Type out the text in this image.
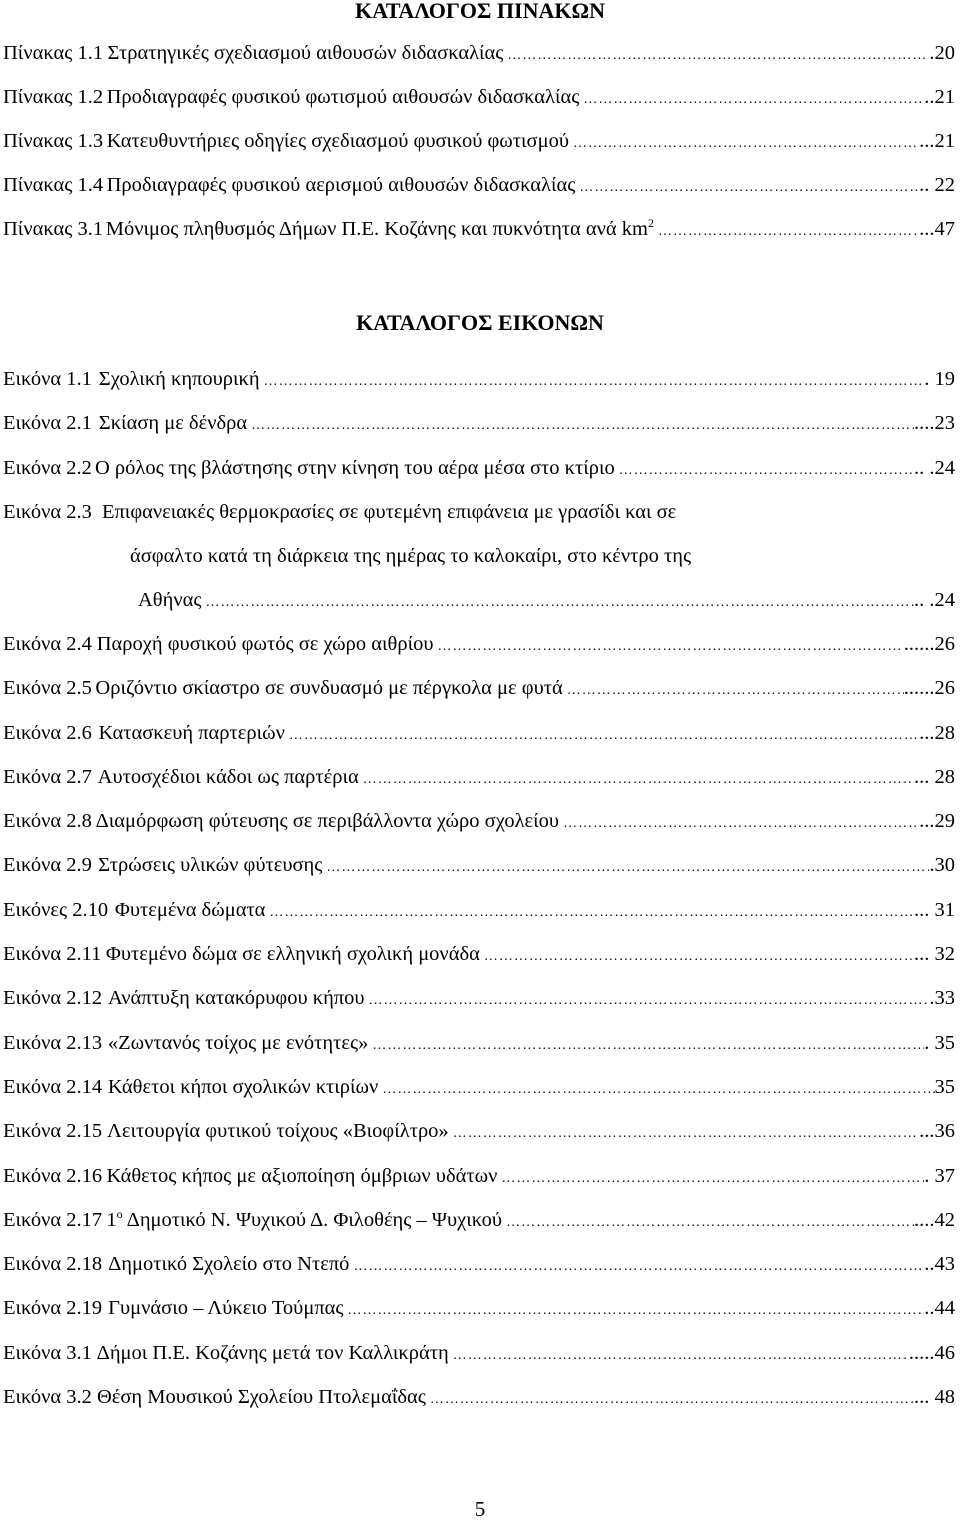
ΚΑΤΑΛΟΓΟΣ ΠΙΝΑΚΩΝ
Πίνακας 1.1 Στρατηγικές σχεδιασμού αιθουσών διδασκαλίας …………………………………………………………………………………………………………………………………………………………………………	.20
Πίνακας 1.2 Προδιαγραφές φυσικού φωτισμού αιθουσών διδασκαλίας …………………………………………………………………………………………………………………………………………………………………………	..21
Πίνακας 1.3 Κατευθυντήριες οδηγίες σχεδιασμού φυσικού φωτισμού …………………………………………………………………………………………………………………………………………………………………………	...21
Πίνακας 1.4 Προδιαγραφές φυσικού αερισμού αιθουσών διδασκαλίας …………………………………………………………………………………………………………………………………………………………………………	.. 22
Πίνακας 3.1 Μόνιμος πληθυσμός Δήμων Π.Ε. Κοζάνης και πυκνότητα ανά $km^2$ …………………………………………………………………………………………………………………………………………………………………………	...47
ΚΑΤΑΛΟΓΟΣ ΕΙΚΟΝΩΝ
Εικόνα 1.1 Σχολική κηπουρική …………………………………………………………………………………………………………………………………………………………………………	. 19
Εικόνα 2.1 Σκίαση με δένδρα …………………………………………………………………………………………………………………………………………………………………………	....23
Εικόνα 2.2 Ο ρόλος της βλάστησης στην κίνηση του αέρα μέσα στο κτίριο …………………………………………………………………………………………………………………………………………………………………………	.. .24
Εικόνα 2.3 Επιφανειακές θερμοκρασίες σε φυτεμένη επιφάνεια με γρασίδι και σε
άσφαλτο κατά τη διάρκεια της ημέρας το καλοκαίρι, στο κέντρο της
Αθήνας …………………………………………………………………………………………………………………………………………………………………………	.. .24
Εικόνα 2.4 Παροχή φυσικού φωτός σε χώρο αιθρίου …………………………………………………………………………………………………………………………………………………………………………	......26
Εικόνα 2.5 Οριζόντιο σκίαστρο σε συνδυασμό με πέργκολα με φυτά …………………………………………………………………………………………………………………………………………………………………………	......26
Εικόνα 2.6 Κατασκευή παρτεριών …………………………………………………………………………………………………………………………………………………………………………	...28
Εικόνα 2.7 Αυτοσχέδιοι κάδοι ως παρτέρια …………………………………………………………………………………………………………………………………………………………………………	... 28
Εικόνα 2.8 Διαμόρφωση φύτευσης σε περιβάλλοντα χώρο σχολείου …………………………………………………………………………………………………………………………………………………………………………	...29
Εικόνα 2.9 Στρώσεις υλικών φύτευσης …………………………………………………………………………………………………………………………………………………………………………	.30
Εικόνες 2.10 Φυτεμένα δώματα …………………………………………………………………………………………………………………………………………………………………………	... 31
Εικόνα 2.11 Φυτεμένο δώμα σε ελληνική σχολική μονάδα …………………………………………………………………………………………………………………………………………………………………………	... 32
Εικόνα 2.12 Ανάπτυξη κατακόρυφου κήπου …………………………………………………………………………………………………………………………………………………………………………	.33
Εικόνα 2.13 «Ζωντανός τοίχος με ενότητες» …………………………………………………………………………………………………………………………………………………………………………	. 35
Εικόνα 2.14 Κάθετοι κήποι σχολικών κτιρίων …………………………………………………………………………………………………………………………………………………………………………	35
Εικόνα 2.15 Λειτουργία φυτικού τοίχους «Βιοφίλτρο» …………………………………………………………………………………………………………………………………………………………………………	...36
Εικόνα 2.16 Κάθετος κήπος με αξιοποίηση όμβριων υδάτων …………………………………………………………………………………………………………………………………………………………………………	. 37
Εικόνα 2.17 $1^o$ Δημοτικό Ν. Ψυχικού Δ. Φιλοθέης – Ψυχικού …………………………………………………………………………………………………………………………………………………………………………	....42
Εικόνα 2.18 Δημοτικό Σχολείο στο Ντεπό …………………………………………………………………………………………………………………………………………………………………………	..43
Εικόνα 2.19 Γυμνάσιο – Λύκειο Τούμπας …………………………………………………………………………………………………………………………………………………………………………	..44
Εικόνα 3.1 Δήμοι Π.Ε. Κοζάνης μετά τον Καλλικράτη …………………………………………………………………………………………………………………………………………………………………………	.....46
Εικόνα 3.2 Θέση Μουσικού Σχολείου Πτολεμαΐδας …………………………………………………………………………………………………………………………………………………………………………	... 48
5
